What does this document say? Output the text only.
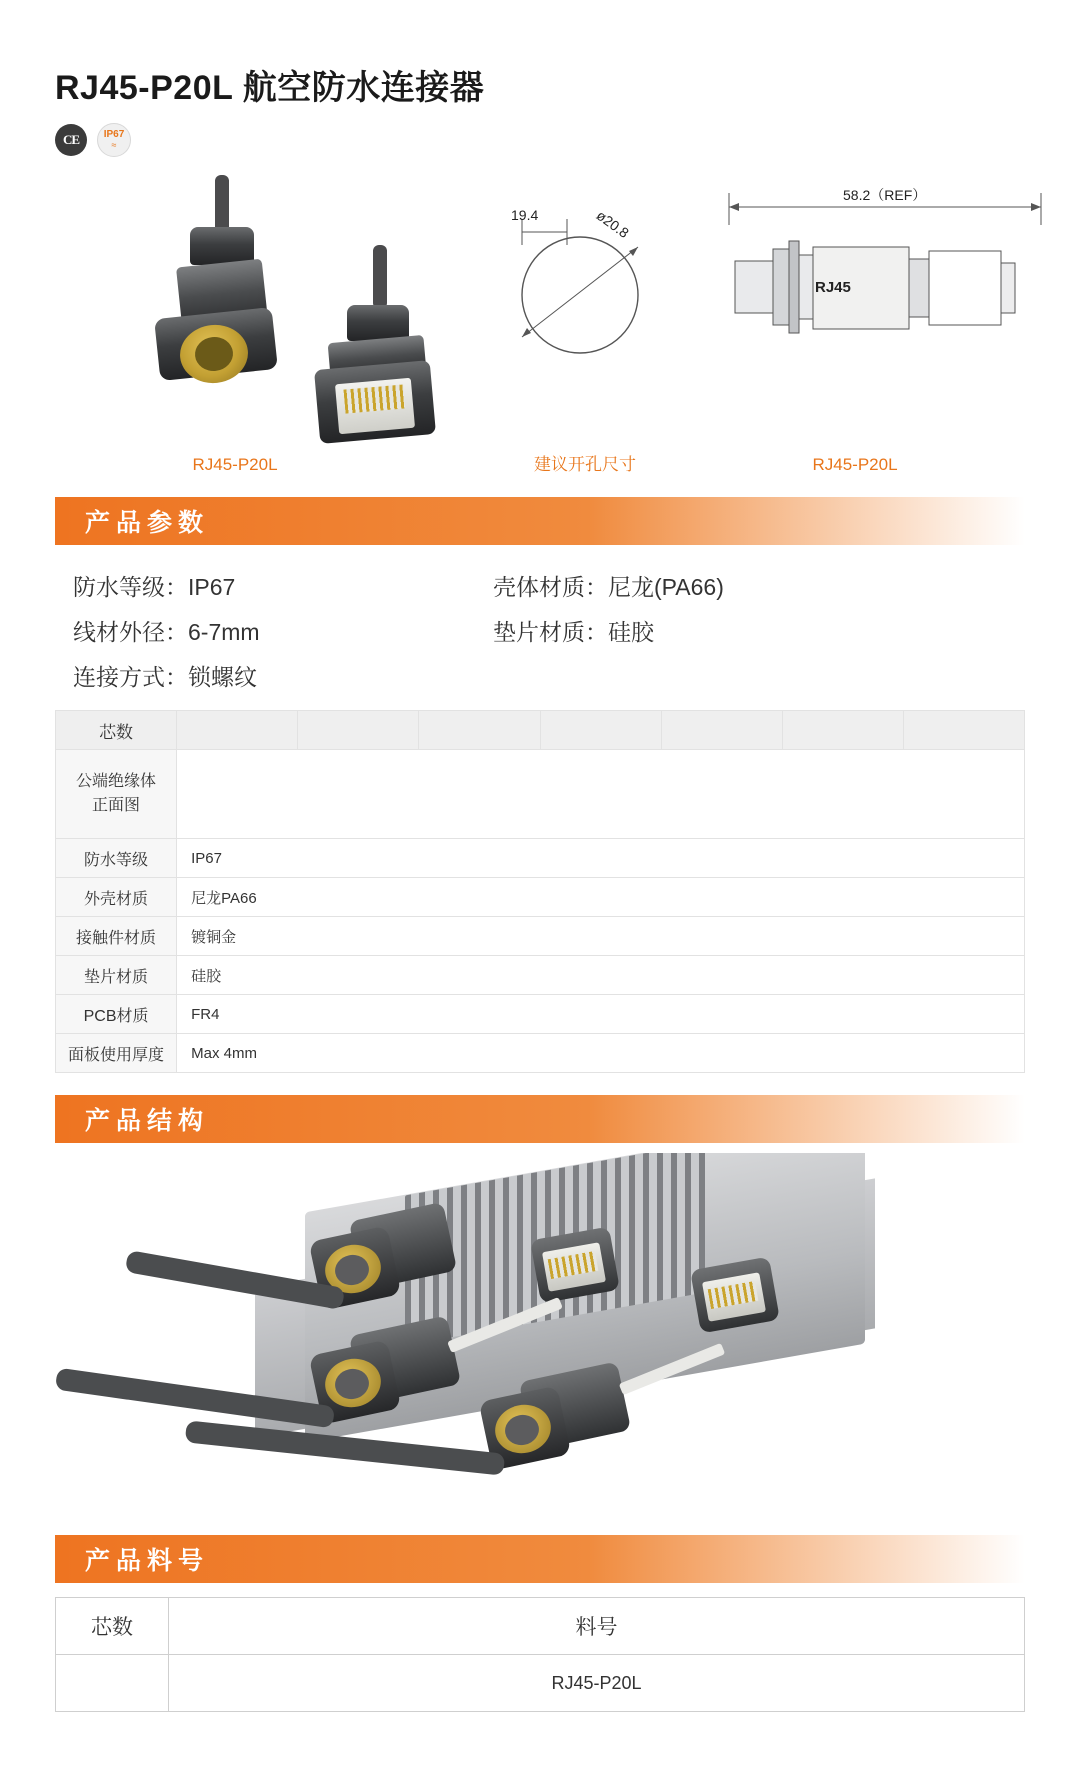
RJ45-P20L 航空防水连接器
CE IP67
≈
19.4	ø20.8
58.2（REF）
RJ45
RJ45-P20L	建议开孔尺寸	RJ45-P20L
产品参数
防水等级：IP67	壳体材质：尼龙(PA66)
线材外径：6-7mm	垫片材质：硅胶
连接方式：锁螺纹
芯数							

公端绝缘体
正面图							

防水等级	IP67						
外壳材质	尼龙PA66						
接触件材质	镀铜金						
垫片材质	硅胶						
PCB材质	FR4						
面板使用厚度	Max 4mm						
产品结构
产品料号
芯数	料号
	RJ45-P20L
